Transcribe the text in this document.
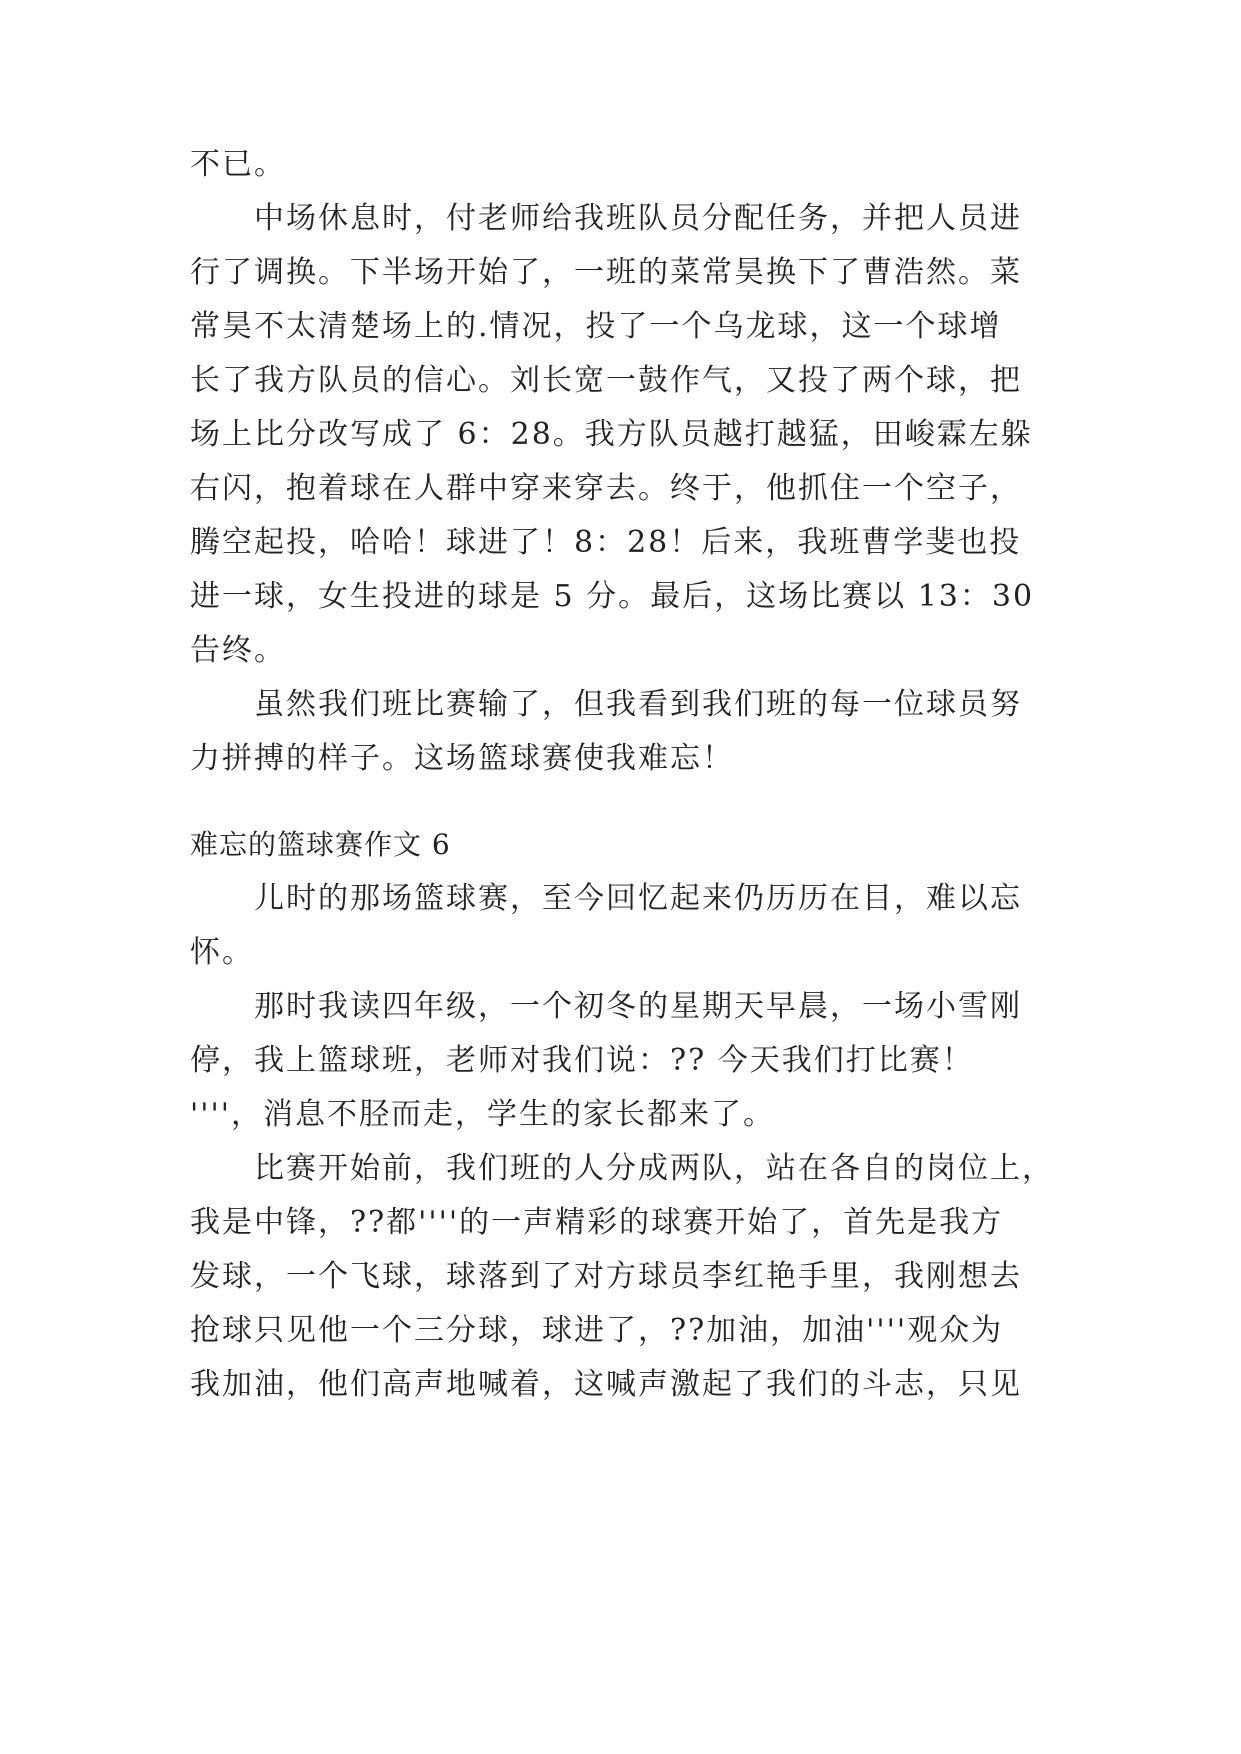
不已。
　　中场休息时，付老师给我班队员分配任务，并把人员进
行了调换。下半场开始了，一班的菜常昊换下了曹浩然。菜
常昊不太清楚场上的.情况，投了一个乌龙球，这一个球增
长了我方队员的信心。刘长宽一鼓作气，又投了两个球，把
场上比分改写成了 6：28。我方队员越打越猛，田峻霖左躲
右闪，抱着球在人群中穿来穿去。终于，他抓住一个空子，
腾空起投，哈哈！球进了！8：28！后来，我班曹学斐也投
进一球，女生投进的球是 5 分。最后，这场比赛以 13：30
告终。
　　虽然我们班比赛输了，但我看到我们班的每一位球员努
力拼搏的样子。这场篮球赛使我难忘！
难忘的篮球赛作文 6
　　儿时的那场篮球赛，至今回忆起来仍历历在目，难以忘
怀。
　　那时我读四年级，一个初冬的星期天早晨，一场小雪刚
停，我上篮球班，老师对我们说：?? 今天我们打比赛！
''''，消息不胫而走，学生的家长都来了。
　　比赛开始前，我们班的人分成两队，站在各自的岗位上，
我是中锋，??都''''的一声精彩的球赛开始了，首先是我方
发球，一个飞球，球落到了对方球员李红艳手里，我刚想去
抢球只见他一个三分球，球进了，??加油，加油''''观众为
我加油，他们高声地喊着，这喊声激起了我们的斗志，只见
